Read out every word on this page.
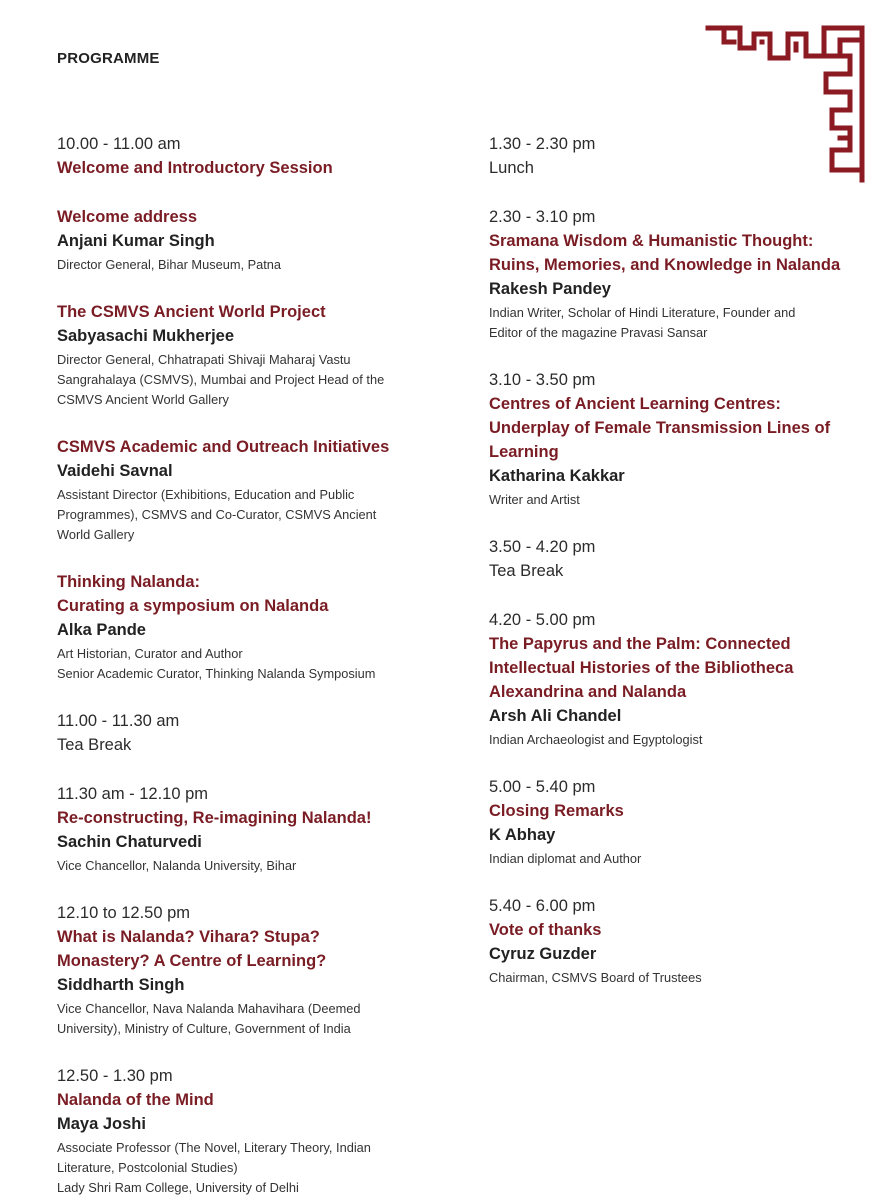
PROGRAMME
10.00 - 11.00 am
Welcome and Introductory Session
Welcome address
Anjani Kumar Singh
Director General, Bihar Museum, Patna
The CSMVS Ancient World Project
Sabyasachi Mukherjee
Director General, Chhatrapati Shivaji Maharaj Vastu
Sangrahalaya (CSMVS), Mumbai and Project Head of the
CSMVS Ancient World Gallery
CSMVS Academic and Outreach Initiatives
Vaidehi Savnal
Assistant Director (Exhibitions, Education and Public
Programmes), CSMVS and Co-Curator, CSMVS Ancient
World Gallery
Thinking Nalanda:
Curating a symposium on Nalanda
Alka Pande
Art Historian, Curator and Author
Senior Academic Curator, Thinking Nalanda Symposium
11.00 - 11.30 am
Tea Break
11.30 am - 12.10 pm
Re-constructing, Re-imagining Nalanda!
Sachin Chaturvedi
Vice Chancellor, Nalanda University, Bihar
12.10 to 12.50 pm
What is Nalanda? Vihara? Stupa?
Monastery? A Centre of Learning?
Siddharth Singh
Vice Chancellor, Nava Nalanda Mahavihara (Deemed
University), Ministry of Culture, Government of India
12.50 - 1.30 pm
Nalanda of the Mind
Maya Joshi
Associate Professor (The Novel, Literary Theory, Indian
Literature, Postcolonial Studies)
Lady Shri Ram College, University of Delhi
1.30 - 2.30 pm
Lunch
2.30 - 3.10 pm
Sramana Wisdom & Humanistic Thought:
Ruins, Memories, and Knowledge in Nalanda
Rakesh Pandey
Indian Writer, Scholar of Hindi Literature, Founder and
Editor of the magazine Pravasi Sansar
3.10 - 3.50 pm
Centres of Ancient Learning Centres:
Underplay of Female Transmission Lines of
Learning
Katharina Kakkar
Writer and Artist
3.50 - 4.20 pm
Tea Break
4.20 - 5.00 pm
The Papyrus and the Palm: Connected
Intellectual Histories of the Bibliotheca
Alexandrina and Nalanda
Arsh Ali Chandel
Indian Archaeologist and Egyptologist
5.00 - 5.40 pm
Closing Remarks
K Abhay
Indian diplomat and Author
5.40 - 6.00 pm
Vote of thanks
Cyruz Guzder
Chairman, CSMVS Board of Trustees
